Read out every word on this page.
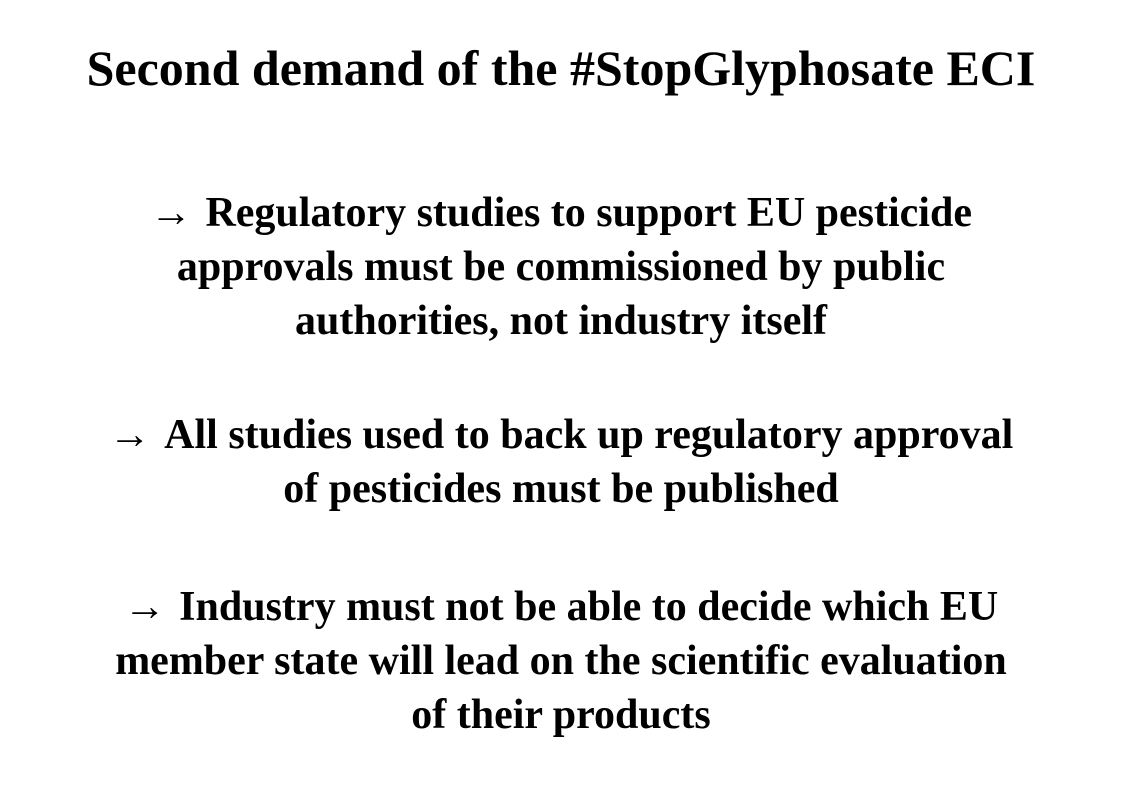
Second demand of the #StopGlyphosate ECI

→ Regulatory studies to support EU pesticide
approvals must be commissioned by public
authorities, not industry itself

→ All studies used to back up regulatory approval
of pesticides must be published

→ Industry must not be able to decide which EU
member state will lead on the scientific evaluation
of their products
